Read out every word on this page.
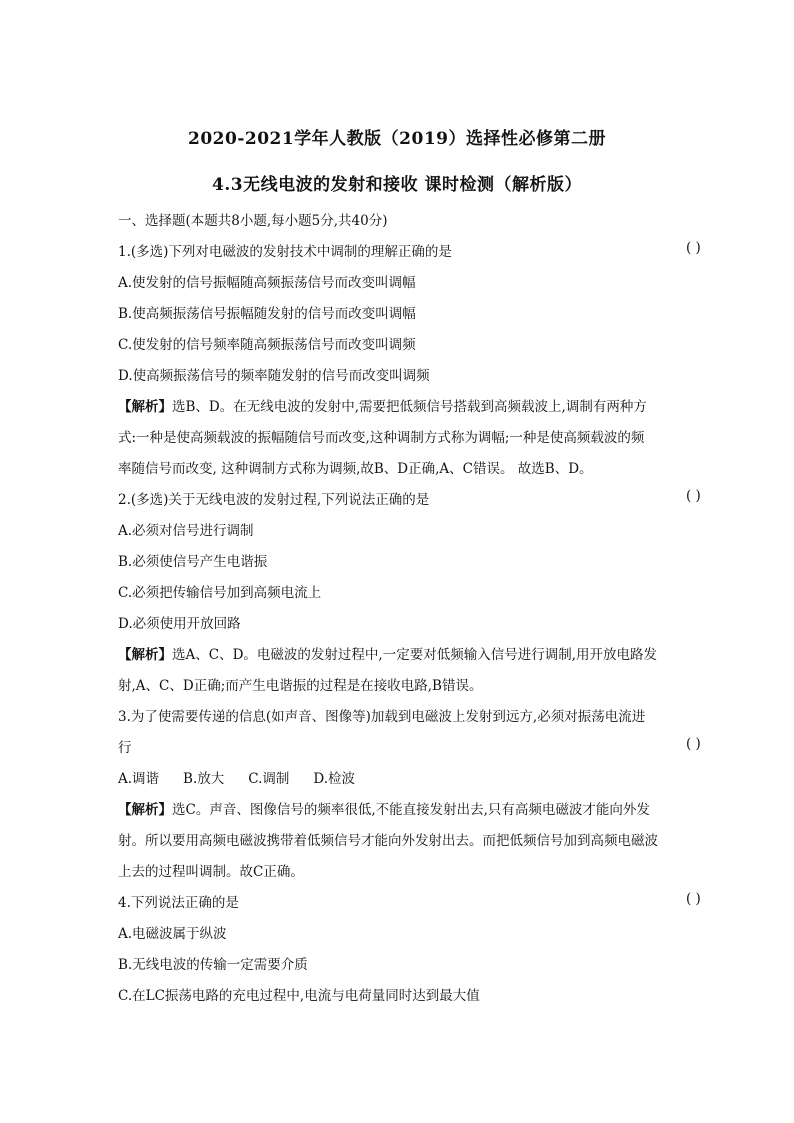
2020-2021学年人教版（2019）选择性必修第二册
4.3无线电波的发射和接收 课时检测（解析版）
一、选择题(本题共8小题,每小题5分,共40分)
1.(多选)下列对电磁波的发射技术中调制的理解正确的是	( )
A.使发射的信号振幅随高频振荡信号而改变叫调幅
B.使高频振荡信号振幅随发射的信号而改变叫调幅
C.使发射的信号频率随高频振荡信号而改变叫调频
D.使高频振荡信号的频率随发射的信号而改变叫调频
【解析】选B、D。在无线电波的发射中,需要把低频信号搭载到高频载波上,调制有两种方
式:一种是使高频载波的振幅随信号而改变,这种调制方式称为调幅;一种是使高频载波的频
率随信号而改变, 这种调制方式称为调频,故B、D正确,A、C错误。 故选B、D。
2.(多选)关于无线电波的发射过程,下列说法正确的是	( )
A.必须对信号进行调制
B.必须使信号产生电谐振
C.必须把传输信号加到高频电流上
D.必须使用开放回路
【解析】选A、C、D。电磁波的发射过程中,一定要对低频输入信号进行调制,用开放电路发
射,A、C、D正确;而产生电谐振的过程是在接收电路,B错误。
3.为了使需要传递的信息(如声音、图像等)加载到电磁波上发射到远方,必须对振荡电流进
行	( )
A.调谐 B.放大 C.调制 D.检波
【解析】选C。声音、图像信号的频率很低,不能直接发射出去,只有高频电磁波才能向外发
射。所以要用高频电磁波携带着低频信号才能向外发射出去。而把低频信号加到高频电磁波
上去的过程叫调制。故C正确。
4.下列说法正确的是	( )
A.电磁波属于纵波
B.无线电波的传输一定需要介质
C.在LC振荡电路的充电过程中,电流与电荷量同时达到最大值
